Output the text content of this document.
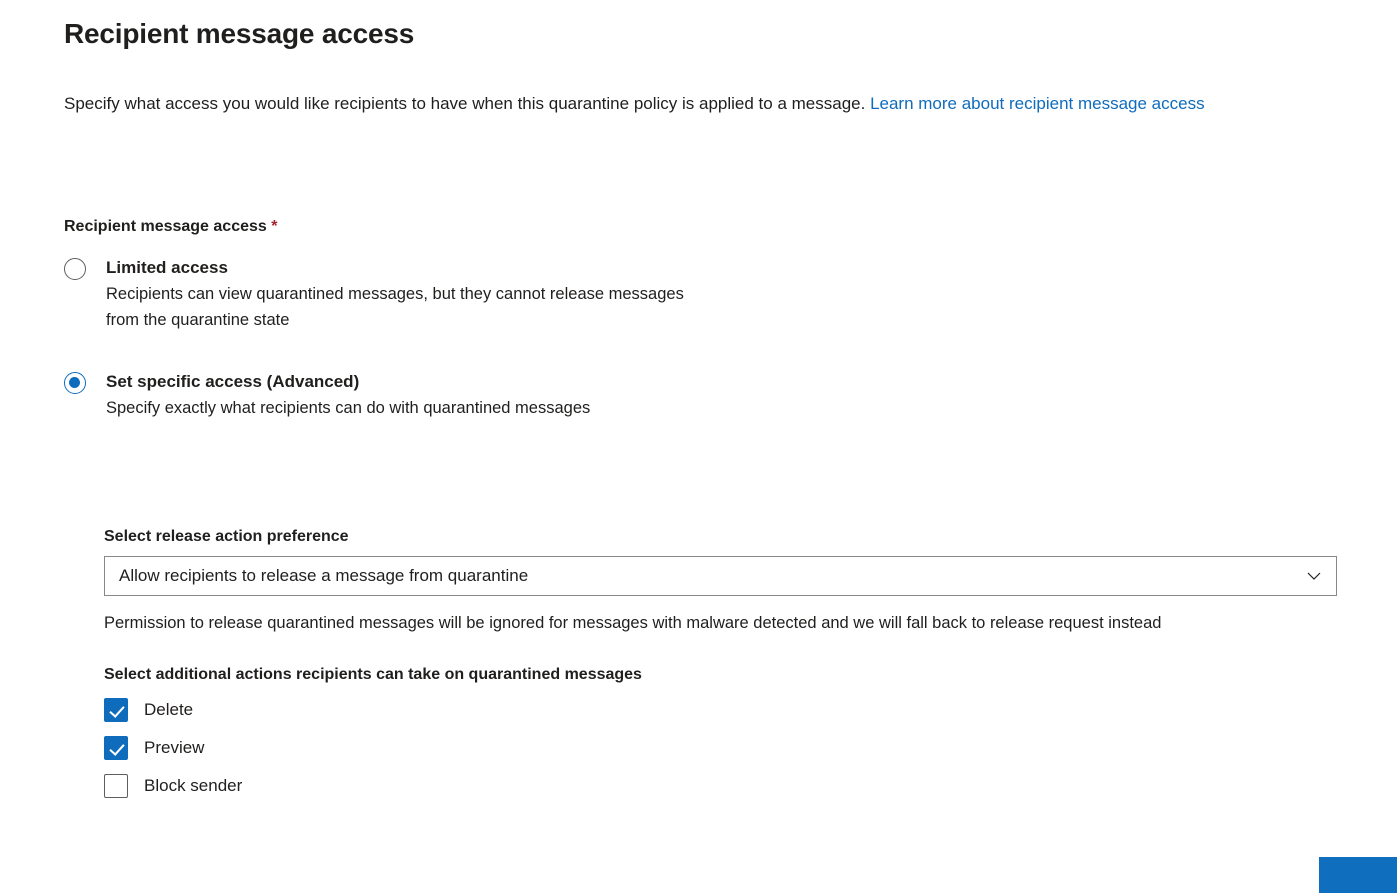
Recipient message access
Specify what access you would like recipients to have when this quarantine policy is applied to a message. Learn more about recipient message access
Recipient message access *
Limited access
Recipients can view quarantined messages, but they cannot release messages
from the quarantine state
Set specific access (Advanced)
Specify exactly what recipients can do with quarantined messages
Select release action preference
Allow recipients to release a message from quarantine
Permission to release quarantined messages will be ignored for messages with malware detected and we will fall back to release request instead
Select additional actions recipients can take on quarantined messages
Delete
Preview
Block sender
